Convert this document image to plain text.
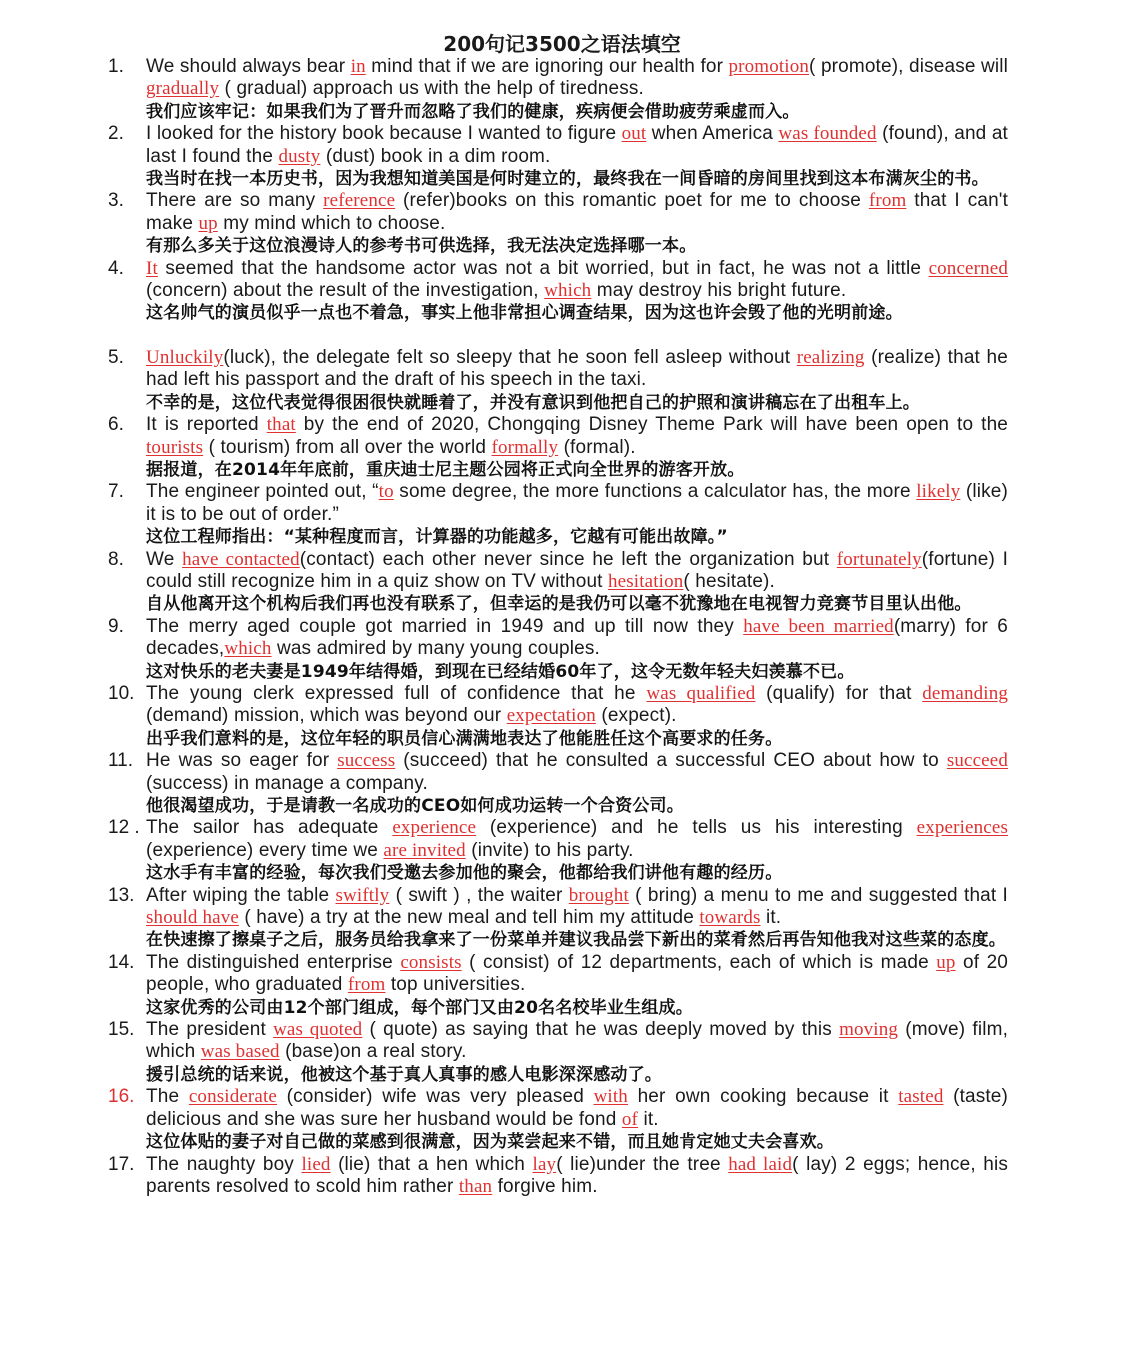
200句记3500之语法填空
1.	We should always bear in mind that if we are ignoring our health for promotion( promote), disease will gradually ( gradual) approach us with the help of tiredness.
我们应该牢记：如果我们为了晋升而忽略了我们的健康，疾病便会借助疲劳乘虚而入。
2.	I looked for the history book because I wanted to figure out when America was founded (found), and at last I found the dusty (dust) book in a dim room.
我当时在找一本历史书，因为我想知道美国是何时建立的，最终我在一间昏暗的房间里找到这本布满灰尘的书。
3.	There are so many reference (refer)books on this romantic poet for me to choose from that I can't make up my mind which to choose.
有那么多关于这位浪漫诗人的参考书可供选择，我无法决定选择哪一本。
4.	It seemed that the handsome actor was not a bit worried, but in fact, he was not a little concerned (concern) about the result of the investigation, which may destroy his bright future.
这名帅气的演员似乎一点也不着急，事实上他非常担心调查结果，因为这也许会毁了他的光明前途。
5.	Unluckily(luck), the delegate felt so sleepy that he soon fell asleep without realizing (realize) that he had left his passport and the draft of his speech in the taxi.
不幸的是，这位代表觉得很困很快就睡着了，并没有意识到他把自己的护照和演讲稿忘在了出租车上。
6.	It is reported that by the end of 2020, Chongqing Disney Theme Park will have been open to the tourists ( tourism) from all over the world formally (formal).
据报道，在2014年年底前，重庆迪士尼主题公园将正式向全世界的游客开放。
7.	The engineer pointed out, “to some degree, the more functions a calculator has, the more likely (like) it is to be out of order.”
这位工程师指出：“某种程度而言，计算器的功能越多，它越有可能出故障。”
8.	We have contacted(contact) each other never since he left the organization but fortunately(fortune) I could still recognize him in a quiz show on TV without hesitation( hesitate).
自从他离开这个机构后我们再也没有联系了，但幸运的是我仍可以毫不犹豫地在电视智力竞赛节目里认出他。
9.	The merry aged couple got married in 1949 and up till now they have been married(marry) for 6 decades,which was admired by many young couples.
这对快乐的老夫妻是1949年结得婚，到现在已经结婚60年了，这令无数年轻夫妇羡慕不已。
10. The young clerk expressed full of confidence that he was qualified (qualify) for that demanding (demand) mission, which was beyond our expectation (expect).
出乎我们意料的是，这位年轻的职员信心满满地表达了他能胜任这个高要求的任务。
11. He was so eager for success (succeed) that he consulted a successful CEO about how to succeed (success) in manage a company.
他很渴望成功，于是请教一名成功的CEO如何成功运转一个合资公司。
12 . The sailor has adequate experience (experience) and he tells us his interesting experiences (experience) every time we are invited (invite) to his party.
这水手有丰富的经验，每次我们受邀去参加他的聚会，他都给我们讲他有趣的经历。
13. After wiping the table swiftly ( swift ) , the waiter brought ( bring) a menu to me and suggested that I should have ( have) a try at the new meal and tell him my attitude towards it.
在快速擦了擦桌子之后，服务员给我拿来了一份菜单并建议我品尝下新出的菜肴然后再告知他我对这些菜的态度。
14. The distinguished enterprise consists ( consist) of 12 departments, each of which is made up of 20 people, who graduated from top universities.
这家优秀的公司由12个部门组成，每个部门又由20名名校毕业生组成。
15. The president was quoted ( quote) as saying that he was deeply moved by this moving (move) film, which was based (base)on a real story.
援引总统的话来说，他被这个基于真人真事的感人电影深深感动了。
16. The considerate (consider) wife was very pleased with her own cooking because it tasted (taste) delicious and she was sure her husband would be fond of it.
这位体贴的妻子对自己做的菜感到很满意，因为菜尝起来不错，而且她肯定她丈夫会喜欢。
17. The naughty boy lied (lie) that a hen which lay( lie)under the tree had laid( lay) 2 eggs; hence, his parents resolved to scold him rather than forgive him.
